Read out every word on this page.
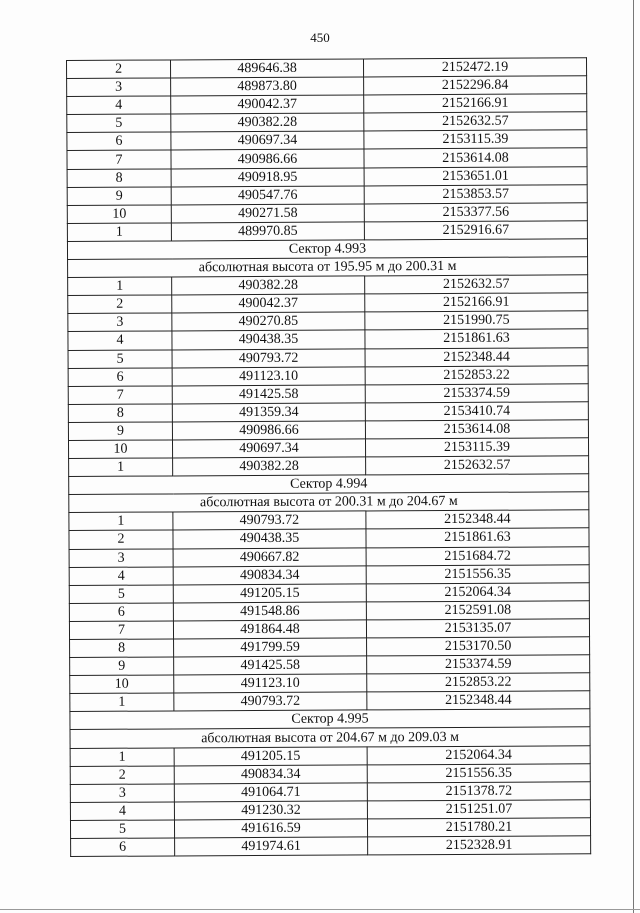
450
2	489646.38	2152472.19
3	489873.80	2152296.84
4	490042.37	2152166.91
5	490382.28	2152632.57
6	490697.34	2153115.39
7	490986.66	2153614.08
8	490918.95	2153651.01
9	490547.76	2153853.57
10	490271.58	2153377.56
1	489970.85	2152916.67
Сектор 4.993		
абсолютная высота от 195.95 м до 200.31 м		
1	490382.28	2152632.57
2	490042.37	2152166.91
3	490270.85	2151990.75
4	490438.35	2151861.63
5	490793.72	2152348.44
6	491123.10	2152853.22
7	491425.58	2153374.59
8	491359.34	2153410.74
9	490986.66	2153614.08
10	490697.34	2153115.39
1	490382.28	2152632.57
Сектор 4.994		
абсолютная высота от 200.31 м до 204.67 м		
1	490793.72	2152348.44
2	490438.35	2151861.63
3	490667.82	2151684.72
4	490834.34	2151556.35
5	491205.15	2152064.34
6	491548.86	2152591.08
7	491864.48	2153135.07
8	491799.59	2153170.50
9	491425.58	2153374.59
10	491123.10	2152853.22
1	490793.72	2152348.44
Сектор 4.995		
абсолютная высота от 204.67 м до 209.03 м		
1	491205.15	2152064.34
2	490834.34	2151556.35
3	491064.71	2151378.72
4	491230.32	2151251.07
5	491616.59	2151780.21
6	491974.61	2152328.91
